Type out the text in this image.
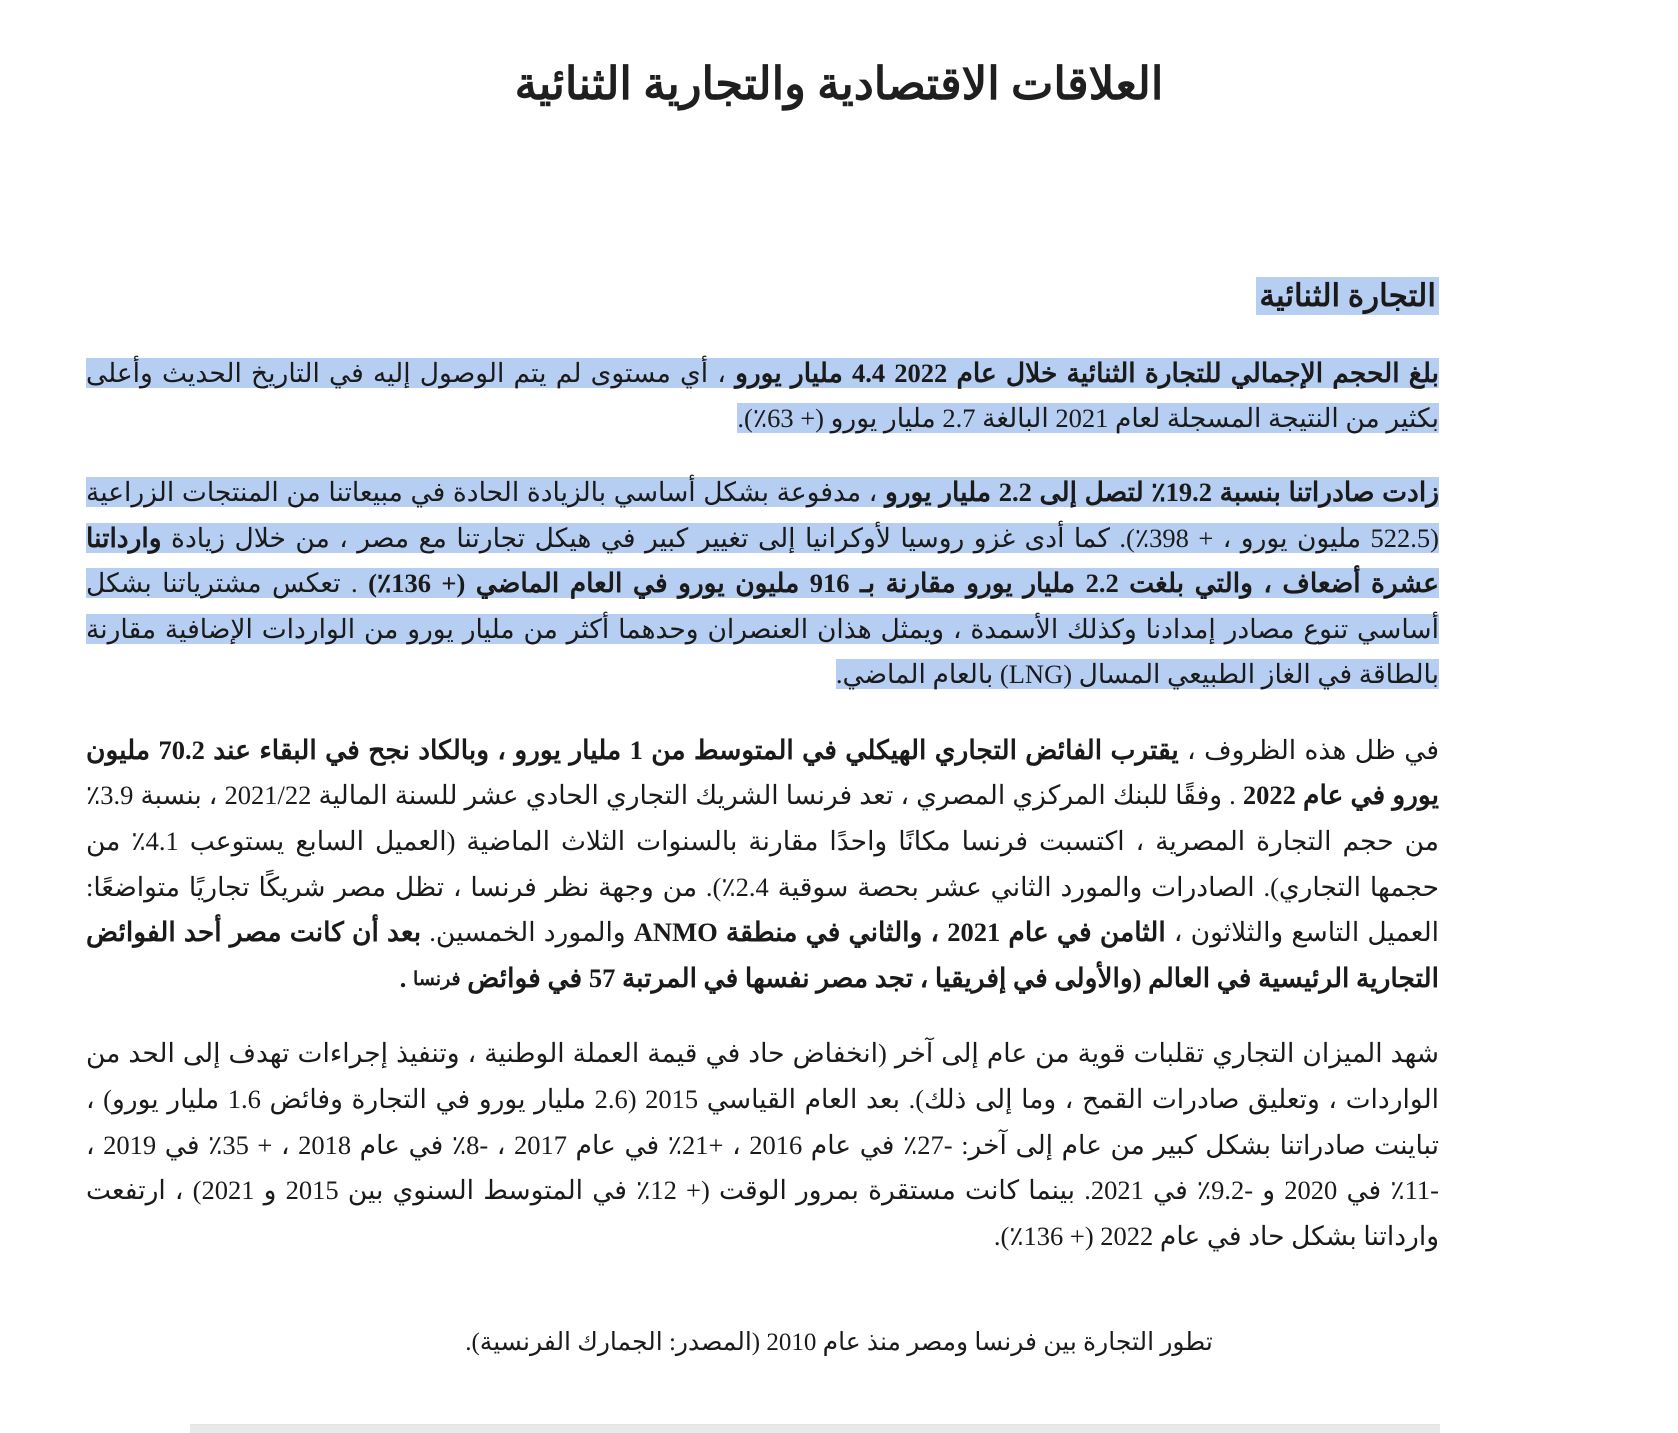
العلاقات الاقتصادية والتجارية الثنائية
التجارة الثنائية

بلغ الحجم الإجمالي للتجارة الثنائية خلال عام 2022 4.4 مليار يورو ، أي مستوى لم يتم الوصول إليه في التاريخ الحديث وأعلى بكثير من النتيجة المسجلة لعام 2021 البالغة 2.7 مليار يورو (+ 63٪).

زادت صادراتنا بنسبة 19.2٪ لتصل إلى 2.2 مليار يورو ، مدفوعة بشكل أساسي بالزيادة الحادة في مبيعاتنا من المنتجات الزراعية (522.5 مليون يورو ، + 398٪). كما أدى غزو روسيا لأوكرانيا إلى تغيير كبير في هيكل تجارتنا مع مصر ، من خلال زيادة وارداتنا عشرة أضعاف ، والتي بلغت 2.2 مليار يورو مقارنة بـ 916 مليون يورو في العام الماضي (+ 136٪) . تعكس مشترياتنا بشكل أساسي تنوع مصادر إمدادنا وكذلك الأسمدة ، ويمثل هذان العنصران وحدهما أكثر من مليار يورو من الواردات الإضافية مقارنة بالطاقة في الغاز الطبيعي المسال (LNG) بالعام الماضي.

في ظل هذه الظروف ، يقترب الفائض التجاري الهيكلي في المتوسط من 1 مليار يورو ، وبالكاد نجح في البقاء عند 70.2 مليون يورو في عام 2022 . وفقًا للبنك المركزي المصري ، تعد فرنسا الشريك التجاري الحادي عشر للسنة المالية 2021/22 ، بنسبة 3.9٪ من حجم التجارة المصرية ، اكتسبت فرنسا مكانًا واحدًا مقارنة بالسنوات الثلاث الماضية (العميل السابع يستوعب 4.1٪ من حجمها التجاري). الصادرات والمورد الثاني عشر بحصة سوقية 2.4٪). من وجهة نظر فرنسا ، تظل مصر شريكًا تجاريًا متواضعًا: العميل التاسع والثلاثون ، الثامن في عام 2021 ، والثاني في منطقة ANMO والمورد الخمسين. بعد أن كانت مصر أحد الفوائض التجارية الرئيسية في العالم (والأولى في إفريقيا ، تجد مصر نفسها في المرتبة 57 في فوائض فرنسا .

شهد الميزان التجاري تقلبات قوية من عام إلى آخر (انخفاض حاد في قيمة العملة الوطنية ، وتنفيذ إجراءات تهدف إلى الحد من الواردات ، وتعليق صادرات القمح ، وما إلى ذلك). بعد العام القياسي 2015 (2.6 مليار يورو في التجارة وفائض 1.6 مليار يورو) ، تباينت صادراتنا بشكل كبير من عام إلى آخر: -27٪ في عام 2016 ، +21٪ في عام 2017 ، -8٪ في عام 2018 ، + 35٪ في 2019 ، -11٪ في 2020 و -9.2٪ في 2021. بينما كانت مستقرة بمرور الوقت (+ 12٪ في المتوسط السنوي بين 2015 و 2021) ، ارتفعت وارداتنا بشكل حاد في عام 2022 (+ 136٪).

تطور التجارة بين فرنسا ومصر منذ عام 2010 (المصدر: الجمارك الفرنسية).
